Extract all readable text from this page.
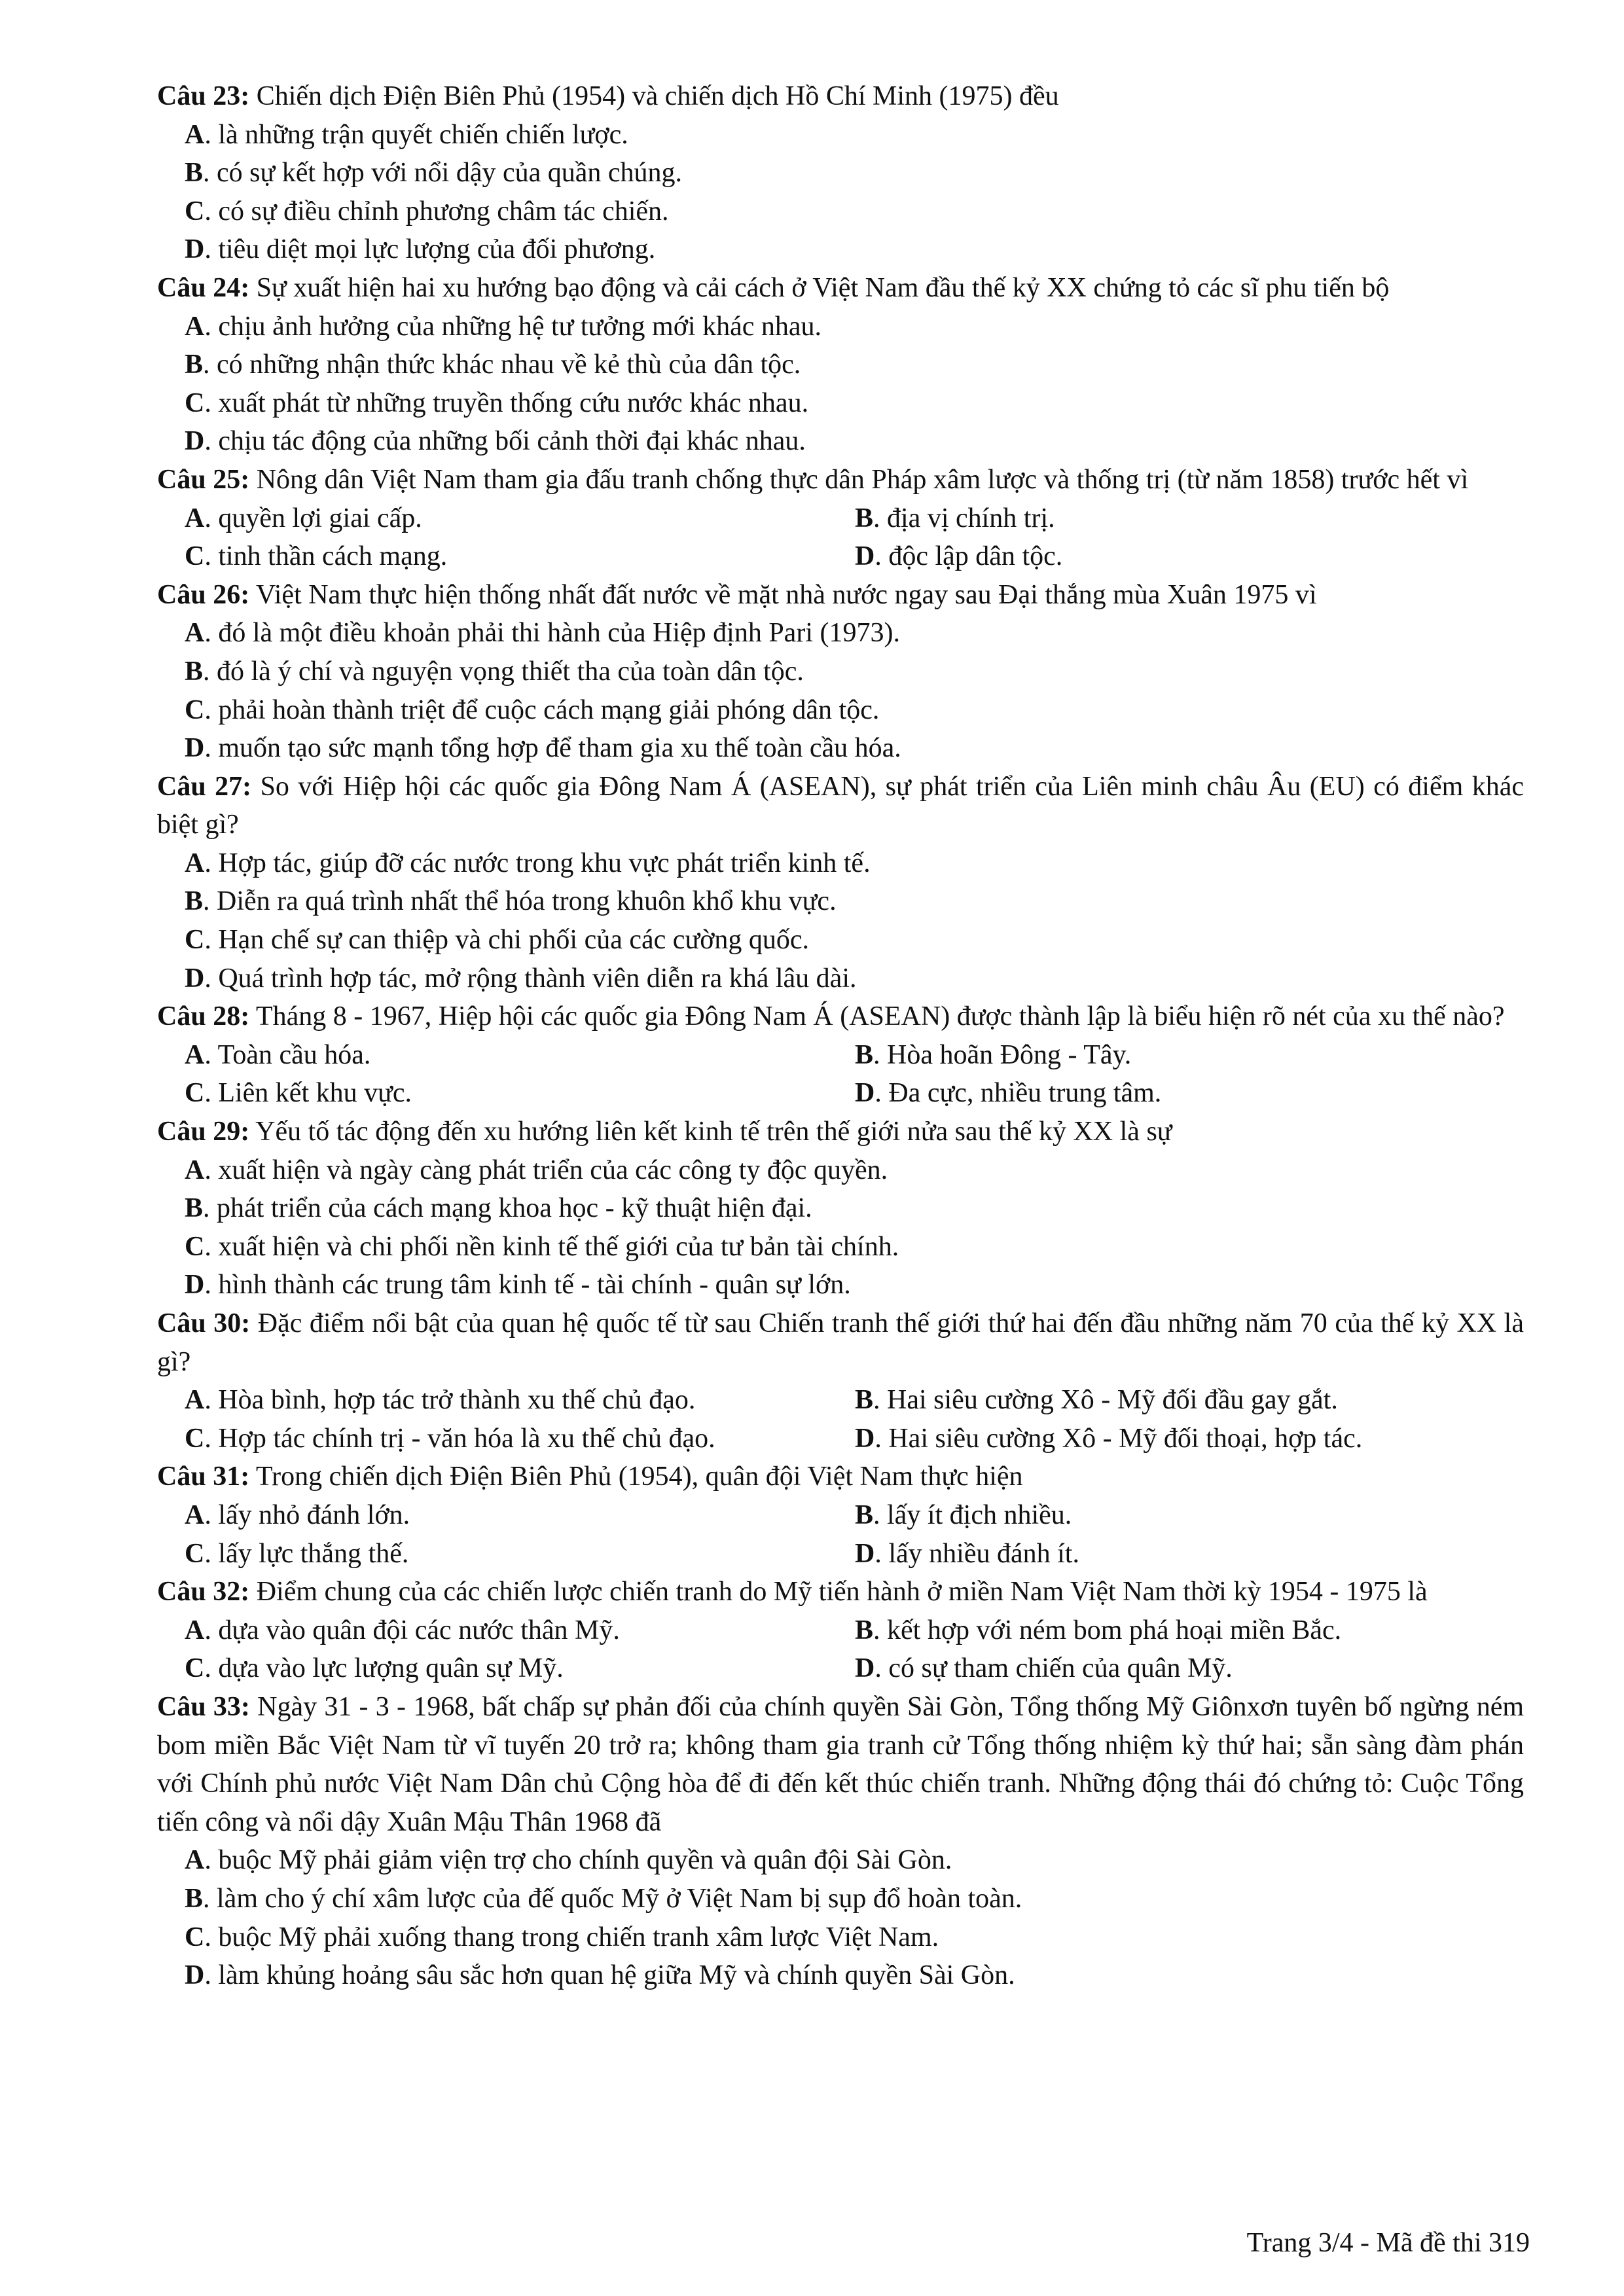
Câu 23: Chiến dịch Điện Biên Phủ (1954) và chiến dịch Hồ Chí Minh (1975) đều
A. là những trận quyết chiến chiến lược.
B. có sự kết hợp với nổi dậy của quần chúng.
C. có sự điều chỉnh phương châm tác chiến.
D. tiêu diệt mọi lực lượng của đối phương.
Câu 24: Sự xuất hiện hai xu hướng bạo động và cải cách ở Việt Nam đầu thế kỷ XX chứng tỏ các sĩ phu tiến bộ
A. chịu ảnh hưởng của những hệ tư tưởng mới khác nhau.
B. có những nhận thức khác nhau về kẻ thù của dân tộc.
C. xuất phát từ những truyền thống cứu nước khác nhau.
D. chịu tác động của những bối cảnh thời đại khác nhau.
Câu 25: Nông dân Việt Nam tham gia đấu tranh chống thực dân Pháp xâm lược và thống trị (từ năm 1858) trước hết vì
A. quyền lợi giai cấp.	B. địa vị chính trị.
C. tinh thần cách mạng.	D. độc lập dân tộc.
Câu 26: Việt Nam thực hiện thống nhất đất nước về mặt nhà nước ngay sau Đại thắng mùa Xuân 1975 vì
A. đó là một điều khoản phải thi hành của Hiệp định Pari (1973).
B. đó là ý chí và nguyện vọng thiết tha của toàn dân tộc.
C. phải hoàn thành triệt để cuộc cách mạng giải phóng dân tộc.
D. muốn tạo sức mạnh tổng hợp để tham gia xu thế toàn cầu hóa.
Câu 27: So với Hiệp hội các quốc gia Đông Nam Á (ASEAN), sự phát triển của Liên minh châu Âu (EU) có điểm khác biệt gì?
A. Hợp tác, giúp đỡ các nước trong khu vực phát triển kinh tế.
B. Diễn ra quá trình nhất thể hóa trong khuôn khổ khu vực.
C. Hạn chế sự can thiệp và chi phối của các cường quốc.
D. Quá trình hợp tác, mở rộng thành viên diễn ra khá lâu dài.
Câu 28: Tháng 8 - 1967, Hiệp hội các quốc gia Đông Nam Á (ASEAN) được thành lập là biểu hiện rõ nét của xu thế nào?
A. Toàn cầu hóa.	B. Hòa hoãn Đông - Tây.
C. Liên kết khu vực.	D. Đa cực, nhiều trung tâm.
Câu 29: Yếu tố tác động đến xu hướng liên kết kinh tế trên thế giới nửa sau thế kỷ XX là sự
A. xuất hiện và ngày càng phát triển của các công ty độc quyền.
B. phát triển của cách mạng khoa học - kỹ thuật hiện đại.
C. xuất hiện và chi phối nền kinh tế thế giới của tư bản tài chính.
D. hình thành các trung tâm kinh tế - tài chính - quân sự lớn.
Câu 30: Đặc điểm nổi bật của quan hệ quốc tế từ sau Chiến tranh thế giới thứ hai đến đầu những năm 70 của thế kỷ XX là gì?
A. Hòa bình, hợp tác trở thành xu thế chủ đạo.	B. Hai siêu cường Xô - Mỹ đối đầu gay gắt.
C. Hợp tác chính trị - văn hóa là xu thế chủ đạo.	D. Hai siêu cường Xô - Mỹ đối thoại, hợp tác.
Câu 31: Trong chiến dịch Điện Biên Phủ (1954), quân đội Việt Nam thực hiện
A. lấy nhỏ đánh lớn.	B. lấy ít địch nhiều.
C. lấy lực thắng thế.	D. lấy nhiều đánh ít.
Câu 32: Điểm chung của các chiến lược chiến tranh do Mỹ tiến hành ở miền Nam Việt Nam thời kỳ 1954 - 1975 là
A. dựa vào quân đội các nước thân Mỹ.	B. kết hợp với ném bom phá hoại miền Bắc.
C. dựa vào lực lượng quân sự Mỹ.	D. có sự tham chiến của quân Mỹ.
Câu 33: Ngày 31 - 3 - 1968, bất chấp sự phản đối của chính quyền Sài Gòn, Tổng thống Mỹ Giônxơn tuyên bố ngừng ném bom miền Bắc Việt Nam từ vĩ tuyến 20 trở ra; không tham gia tranh cử Tổng thống nhiệm kỳ thứ hai; sẵn sàng đàm phán với Chính phủ nước Việt Nam Dân chủ Cộng hòa để đi đến kết thúc chiến tranh. Những động thái đó chứng tỏ: Cuộc Tổng tiến công và nổi dậy Xuân Mậu Thân 1968 đã
A. buộc Mỹ phải giảm viện trợ cho chính quyền và quân đội Sài Gòn.
B. làm cho ý chí xâm lược của đế quốc Mỹ ở Việt Nam bị sụp đổ hoàn toàn.
C. buộc Mỹ phải xuống thang trong chiến tranh xâm lược Việt Nam.
D. làm khủng hoảng sâu sắc hơn quan hệ giữa Mỹ và chính quyền Sài Gòn.
Trang 3/4 - Mã đề thi 319
